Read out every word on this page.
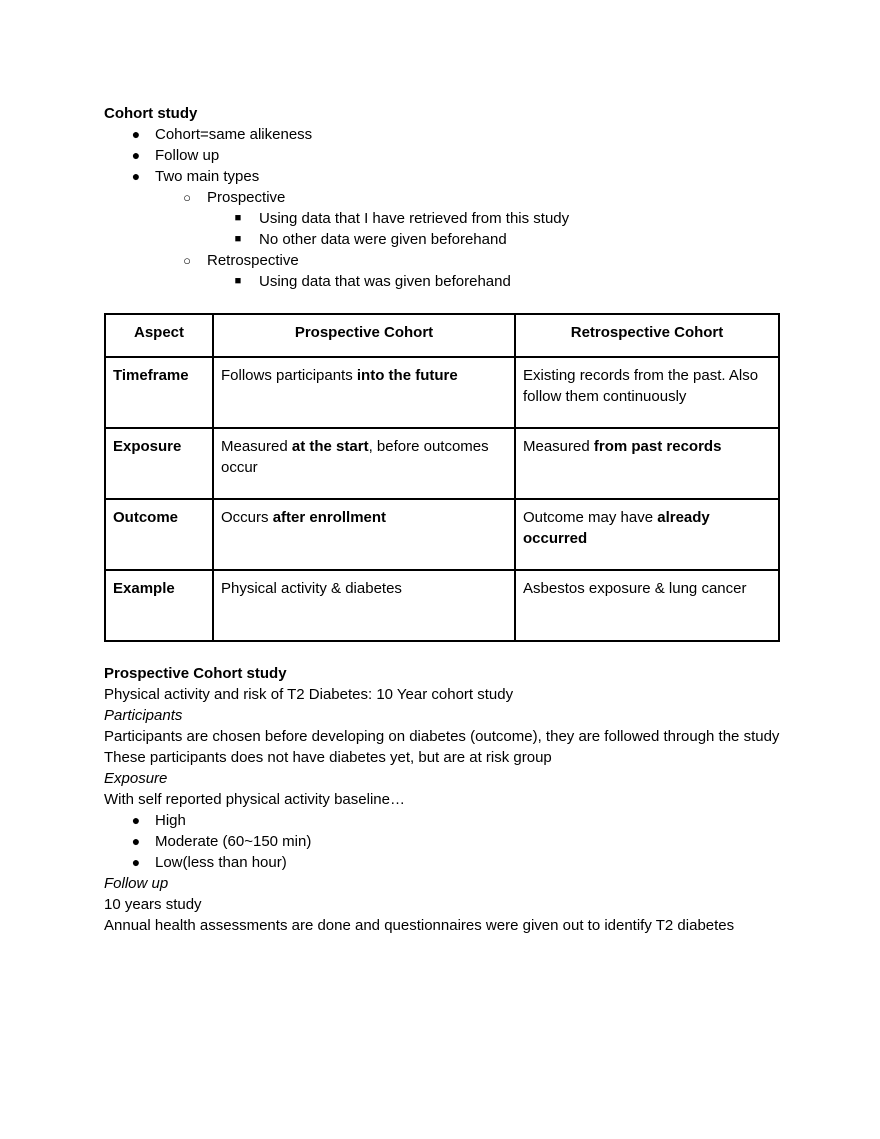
Cohort study
● Cohort=same alikeness
● Follow up
● Two main types
○ Prospective
■ Using data that I have retrieved from this study
■ No other data were given beforehand
○ Retrospective
■ Using data that was given beforehand
Aspect	Prospective Cohort	Retrospective Cohort
Timeframe	Follows participants into the future	Existing records from the past. Also follow them continuously
Exposure	Measured at the start, before outcomes occur	Measured from past records
Outcome	Occurs after enrollment	Outcome may have already occurred
Example	Physical activity & diabetes	Asbestos exposure & lung cancer
Prospective Cohort study
Physical activity and risk of T2 Diabetes: 10 Year cohort study
Participants
Participants are chosen before developing on diabetes (outcome), they are followed through the study
These participants does not have diabetes yet, but are at risk group
Exposure
With self reported physical activity baseline…
● High
● Moderate (60~150 min)
● Low(less than hour)
Follow up
10 years study
Annual health assessments are done and questionnaires were given out to identify T2 diabetes
